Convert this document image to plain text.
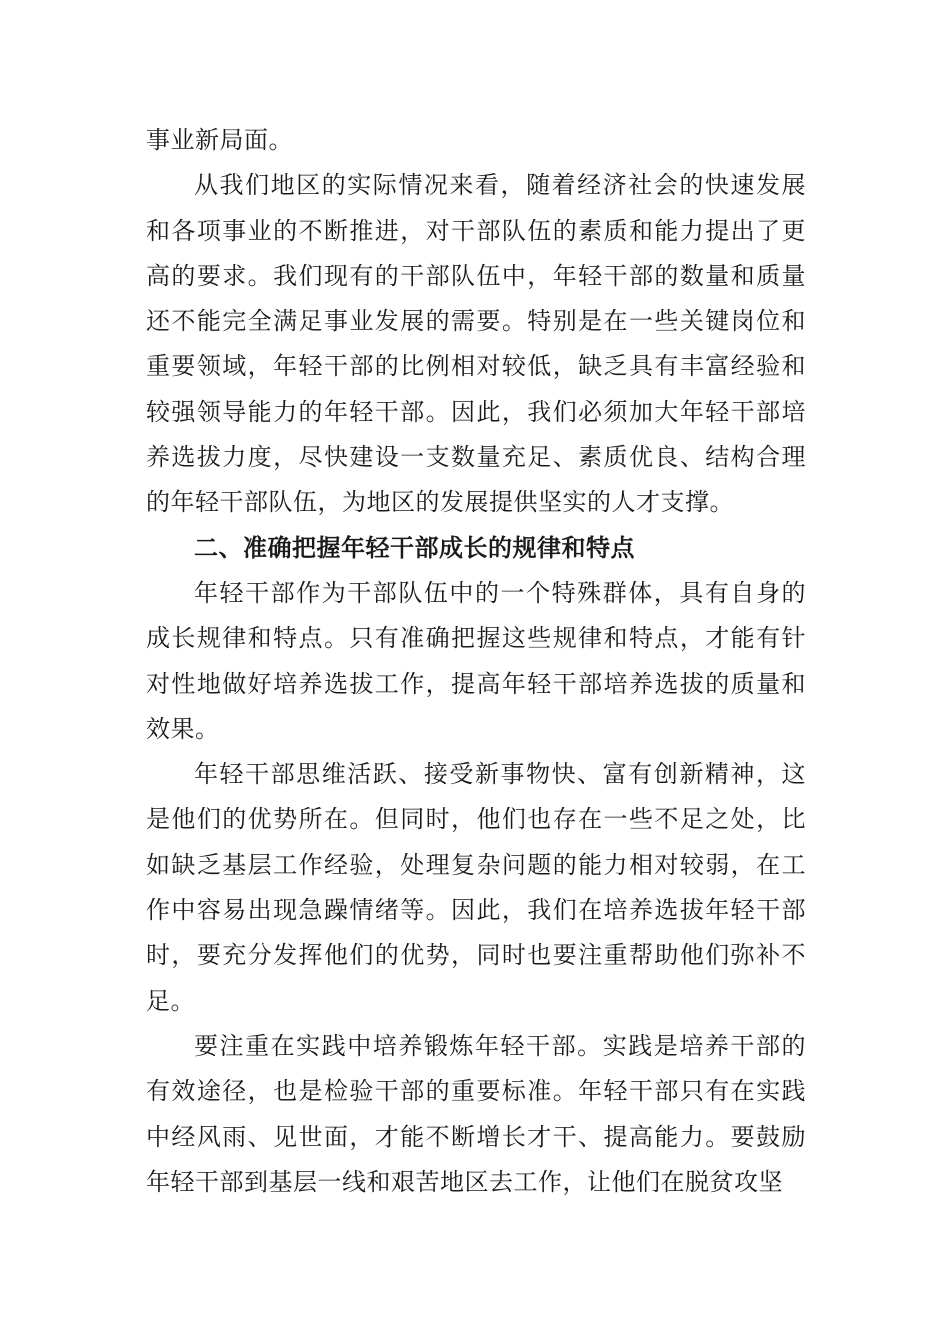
事业新局面。

从我们地区的实际情况来看，随着经济社会的快速发展和各项事业的不断推进，对干部队伍的素质和能力提出了更高的要求。我们现有的干部队伍中，年轻干部的数量和质量还不能完全满足事业发展的需要。特别是在一些关键岗位和重要领域，年轻干部的比例相对较低，缺乏具有丰富经验和较强领导能力的年轻干部。因此，我们必须加大年轻干部培养选拔力度，尽快建设一支数量充足、素质优良、结构合理的年轻干部队伍，为地区的发展提供坚实的人才支撑。

二、准确把握年轻干部成长的规律和特点

年轻干部作为干部队伍中的一个特殊群体，具有自身的成长规律和特点。只有准确把握这些规律和特点，才能有针对性地做好培养选拔工作，提高年轻干部培养选拔的质量和效果。

年轻干部思维活跃、接受新事物快、富有创新精神，这是他们的优势所在。但同时，他们也存在一些不足之处，比如缺乏基层工作经验，处理复杂问题的能力相对较弱，在工作中容易出现急躁情绪等。因此，我们在培养选拔年轻干部时，要充分发挥他们的优势，同时也要注重帮助他们弥补不足。

要注重在实践中培养锻炼年轻干部。实践是培养干部的有效途径，也是检验干部的重要标准。年轻干部只有在实践中经风雨、见世面，才能不断增长才干、提高能力。要鼓励年轻干部到基层一线和艰苦地区去工作，让他们在脱贫攻坚
